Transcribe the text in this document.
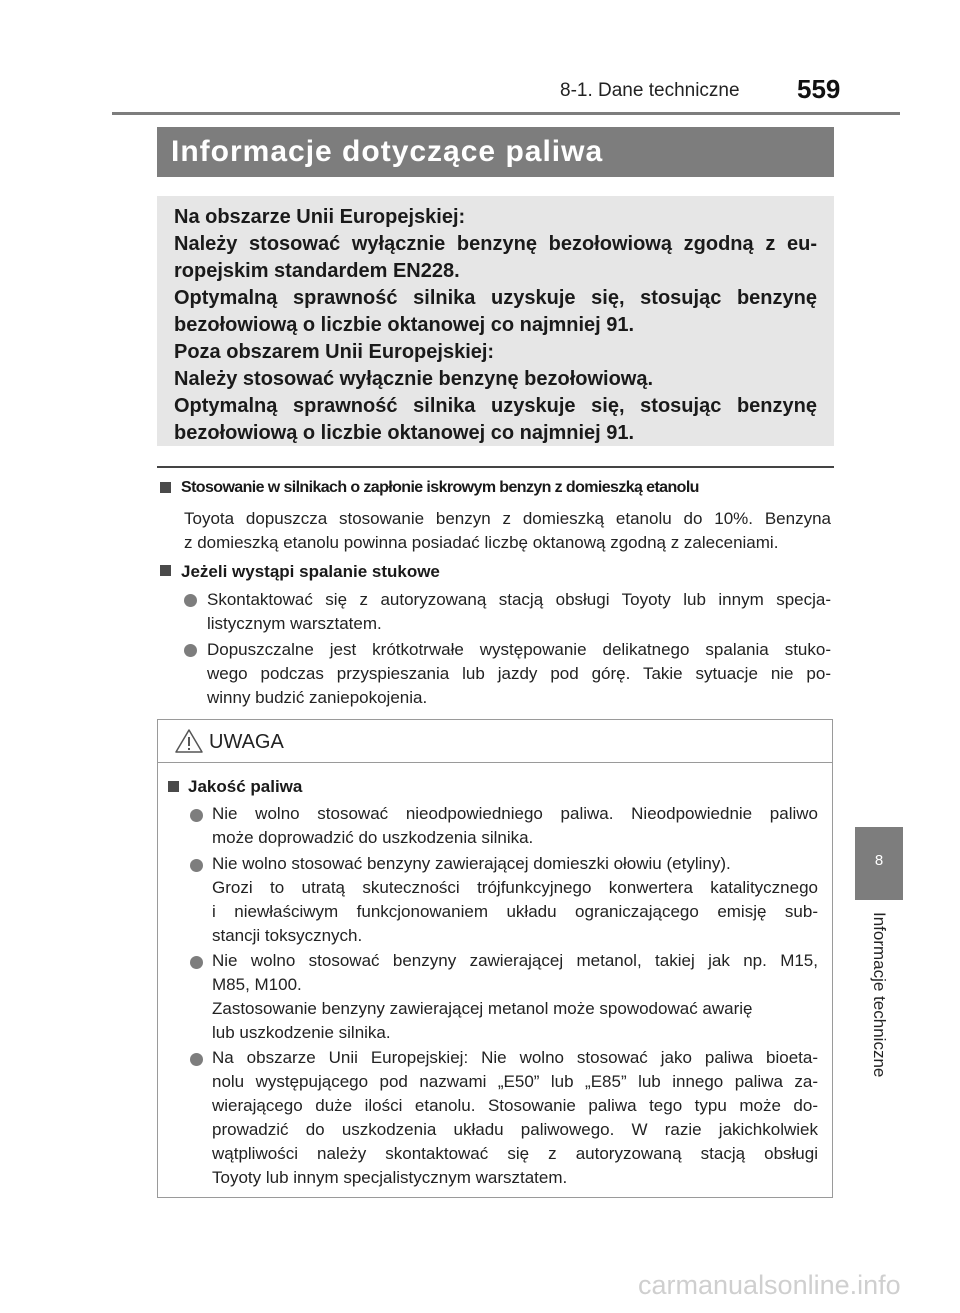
8-1. Dane techniczne 559
Informacje dotyczące paliwa
Na obszarze Unii Europejskiej:
Należy stosować wyłącznie benzynę bezołowiową zgodną z eu-
ropejskim standardem EN228.
Optymalną sprawność silnika uzyskuje się, stosując benzynę
bezołowiową o liczbie oktanowej co najmniej 91.
Poza obszarem Unii Europejskiej:
Należy stosować wyłącznie benzynę bezołowiową.
Optymalną sprawność silnika uzyskuje się, stosując benzynę
bezołowiową o liczbie oktanowej co najmniej 91.
Stosowanie w silnikach o zapłonie iskrowym benzyn z domieszką etanolu
Toyota dopuszcza stosowanie benzyn z domieszką etanolu do 10%. Benzyna
z domieszką etanolu powinna posiadać liczbę oktanową zgodną z zaleceniami.
Jeżeli wystąpi spalanie stukowe
Skontaktować się z autoryzowaną stacją obsługi Toyoty lub innym specja-
listycznym warsztatem.
Dopuszczalne jest krótkotrwałe występowanie delikatnego spalania stuko-
wego podczas przyspieszania lub jazdy pod górę. Takie sytuacje nie po-
winny budzić zaniepokojenia.
UWAGA
Jakość paliwa
Nie wolno stosować nieodpowiedniego paliwa. Nieodpowiednie paliwo
może doprowadzić do uszkodzenia silnika.
Nie wolno stosować benzyny zawierającej domieszki ołowiu (etyliny).
Grozi to utratą skuteczności trójfunkcyjnego konwertera katalitycznego
i niewłaściwym funkcjonowaniem układu ograniczającego emisję sub-
stancji toksycznych.
Nie wolno stosować benzyny zawierającej metanol, takiej jak np. M15,
M85, M100.
Zastosowanie benzyny zawierającej metanol może spowodować awarię
lub uszkodzenie silnika.
Na obszarze Unii Europejskiej: Nie wolno stosować jako paliwa bioeta-
nolu występującego pod nazwami „E50” lub „E85” lub innego paliwa za-
wierającego duże ilości etanolu. Stosowanie paliwa tego typu może do-
prowadzić do uszkodzenia układu paliwowego. W razie jakichkolwiek
wątpliwości należy skontaktować się z autoryzowaną stacją obsługi
Toyoty lub innym specjalistycznym warsztatem.
8
Informacje techniczne
carmanualsonline.info
